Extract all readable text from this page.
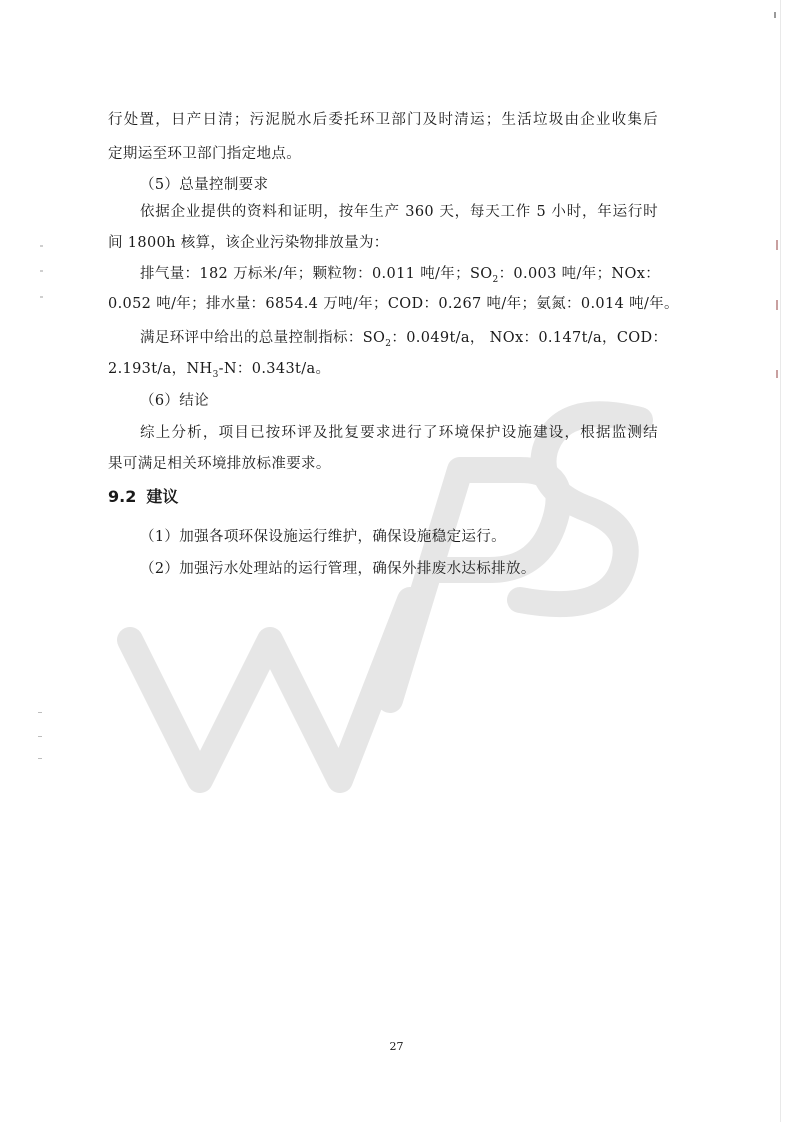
行处置，日产日清；污泥脱水后委托环卫部门及时清运；生活垃圾由企业收集后
定期运至环卫部门指定地点。
（5）总量控制要求
依据企业提供的资料和证明，按年生产 360 天，每天工作 5 小时，年运行时
间 1800h 核算，该企业污染物排放量为：
排气量：182 万标米/年；颗粒物：0.011 吨/年；$SO_2$：0.003 吨/年；NOx：
0.052 吨/年；排水量：6854.4 万吨/年；COD：0.267 吨/年；氨氮：0.014 吨/年。
满足环评中给出的总量控制指标：$SO_2$：0.049t/a， NOx：0.147t/a，COD：
2.193t/a，$NH_3-N$：0.343t/a。
（6）结论
综上分析，项目已按环评及批复要求进行了环境保护设施建设，根据监测结
果可满足相关环境排放标准要求。
9.2 建议
（1）加强各项环保设施运行维护，确保设施稳定运行。
（2）加强污水处理站的运行管理，确保外排废水达标排放。
27
